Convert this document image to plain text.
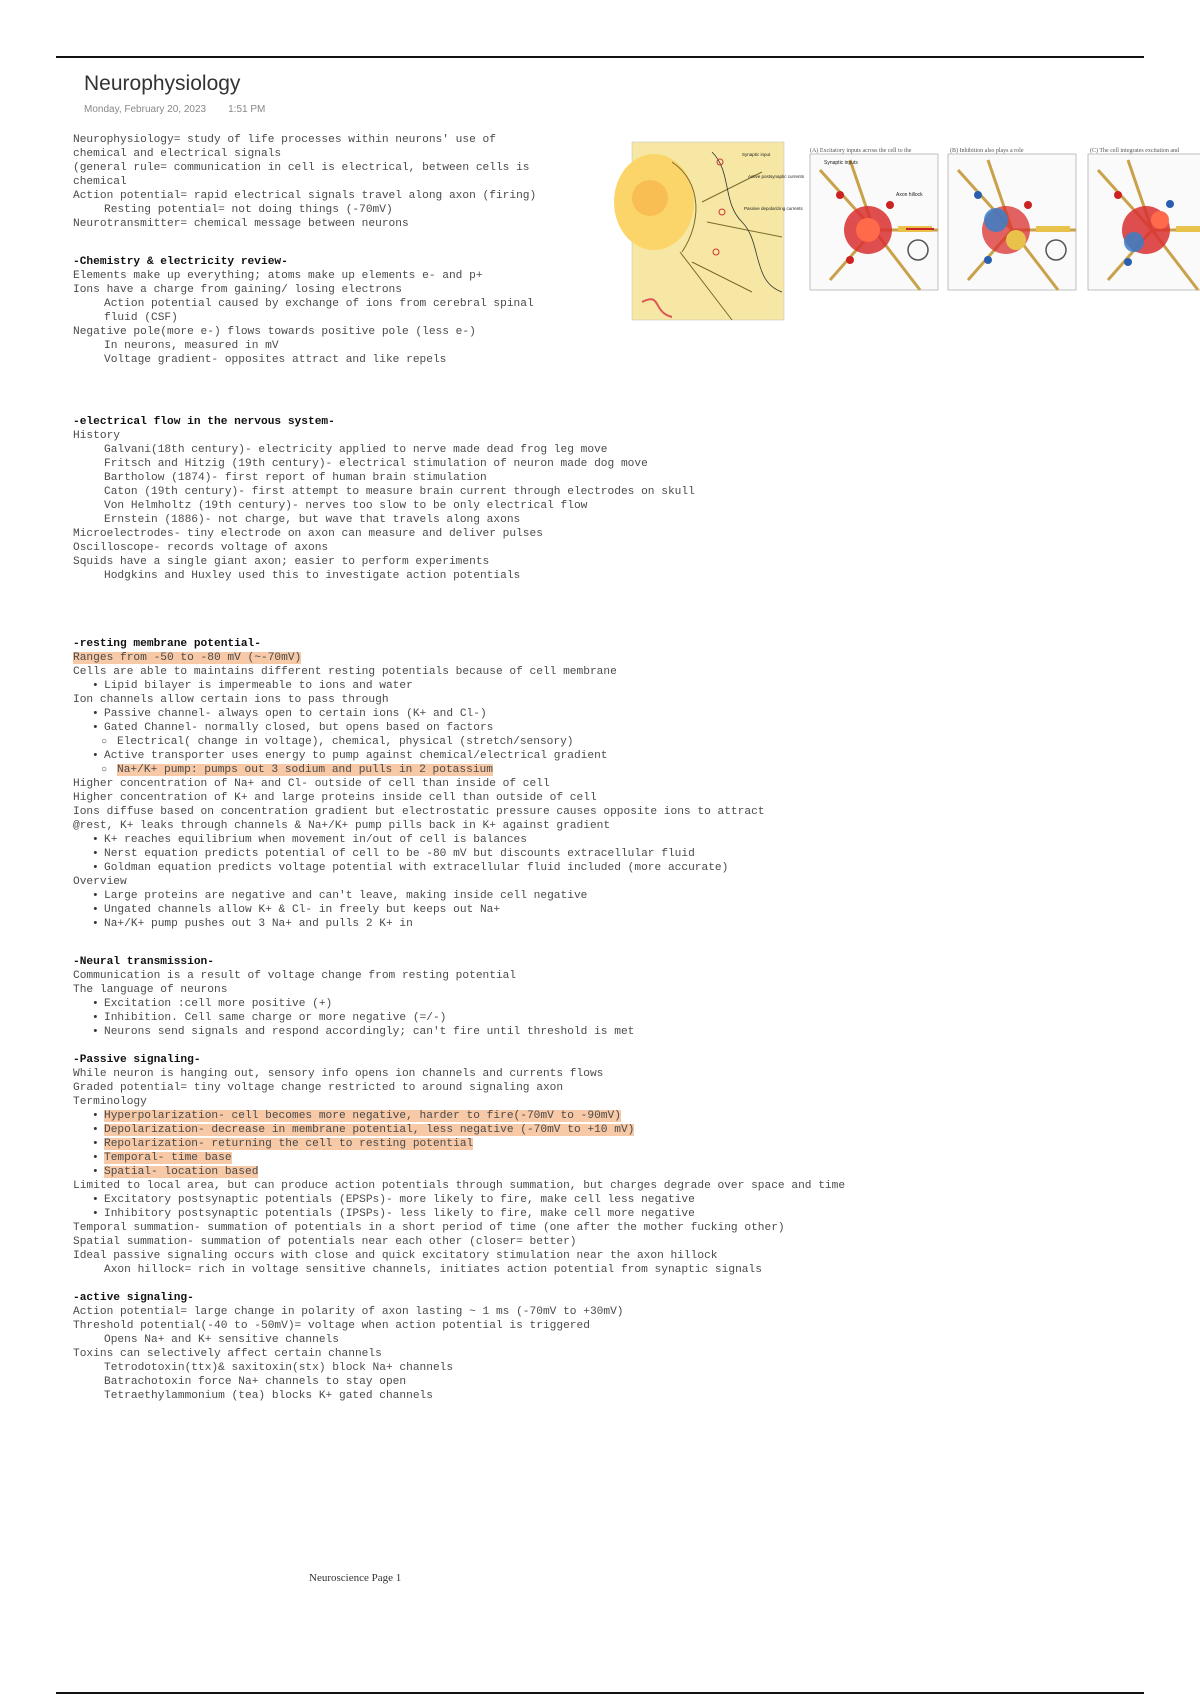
Neurophysiology
Monday, February 20, 2023 1:51 PM
Neurophysiology= study of life processes within neurons' use of
chemical and electrical signals
(general rule= communication in cell is electrical, between cells is
chemical
Action potential= rapid electrical signals travel along axon (firing)
Resting potential= not doing things (-70mV)
Neurotransmitter= chemical message between neurons
-Chemistry & electricity review-
Elements make up everything; atoms make up elements e- and p+
Ions have a charge from gaining/ losing electrons
Action potential caused by exchange of ions from cerebral spinal
fluid (CSF)
Negative pole(more e-) flows towards positive pole (less e-)
In neurons, measured in mV
Voltage gradient- opposites attract and like repels
-electrical flow in the nervous system-
History
Galvani(18th century)- electricity applied to nerve made dead frog leg move
Fritsch and Hitzig (19th century)- electrical stimulation of neuron made dog move
Bartholow (1874)- first report of human brain stimulation
Caton (19th century)- first attempt to measure brain current through electrodes on skull
Von Helmholtz (19th century)- nerves too slow to be only electrical flow
Ernstein (1886)- not charge, but wave that travels along axons
Microelectrodes- tiny electrode on axon can measure and deliver pulses
Oscilloscope- records voltage of axons
Squids have a single giant axon; easier to perform experiments
Hodgkins and Huxley used this to investigate action potentials
-resting membrane potential-
Ranges from -50 to -80 mV (~-70mV)
Cells are able to maintains different resting potentials because of cell membrane
• Lipid bilayer is impermeable to ions and water
Ion channels allow certain ions to pass through
• Passive channel- always open to certain ions (K+ and Cl-)
• Gated Channel- normally closed, but opens based on factors
○ Electrical( change in voltage), chemical, physical (stretch/sensory)
• Active transporter uses energy to pump against chemical/electrical gradient
○ Na+/K+ pump: pumps out 3 sodium and pulls in 2 potassium
Higher concentration of Na+ and Cl- outside of cell than inside of cell
Higher concentration of K+ and large proteins inside cell than outside of cell
Ions diffuse based on concentration gradient but electrostatic pressure causes opposite ions to attract
@rest, K+ leaks through channels & Na+/K+ pump pills back in K+ against gradient
• K+ reaches equilibrium when movement in/out of cell is balances
• Nerst equation predicts potential of cell to be -80 mV but discounts extracellular fluid
• Goldman equation predicts voltage potential with extracellular fluid included (more accurate)
Overview
• Large proteins are negative and can't leave, making inside cell negative
• Ungated channels allow K+ & Cl- in freely but keeps out Na+
• Na+/K+ pump pushes out 3 Na+ and pulls 2 K+ in
-Neural transmission-
Communication is a result of voltage change from resting potential
The language of neurons
• Excitation :cell more positive (+)
• Inhibition. Cell same charge or more negative (=/-)
• Neurons send signals and respond accordingly; can't fire until threshold is met
-Passive signaling-
While neuron is hanging out, sensory info opens ion channels and currents flows
Graded potential= tiny voltage change restricted to around signaling axon
Terminology
• Hyperpolarization- cell becomes more negative, harder to fire(-70mV to -90mV)
• Depolarization- decrease in membrane potential, less negative (-70mV to +10 mV)
• Repolarization- returning the cell to resting potential
• Temporal- time base
• Spatial- location based
Limited to local area, but can produce action potentials through summation, but charges degrade over space and time
• Excitatory postsynaptic potentials (EPSPs)- more likely to fire, make cell less negative
• Inhibitory postsynaptic potentials (IPSPs)- less likely to fire, make cell more negative
Temporal summation- summation of potentials in a short period of time (one after the mother fucking other)
Spatial summation- summation of potentials near each other (closer= better)
Ideal passive signaling occurs with close and quick excitatory stimulation near the axon hillock
Axon hillock= rich in voltage sensitive channels, initiates action potential from synaptic signals
-active signaling-
Action potential= large change in polarity of axon lasting ~ 1 ms (-70mV to +30mV)
Threshold potential(-40 to -50mV)= voltage when action potential is triggered
Opens Na+ and K+ sensitive channels
Toxins can selectively affect certain channels
Tetrodotoxin(ttx)& saxitoxin(stx) block Na+ channels
Batrachotoxin force Na+ channels to stay open
Tetraethylammonium (tea) blocks K+ gated channels
Synaptic input
Active postsynaptic currents
Passive depolarizing currents
(A) Excitatory inputs across the cell to the	(B) Inhibition also plays a role	(C) The cell integrates excitation and
Synaptic inputs
Axon hillock
Neuroscience Page 1
